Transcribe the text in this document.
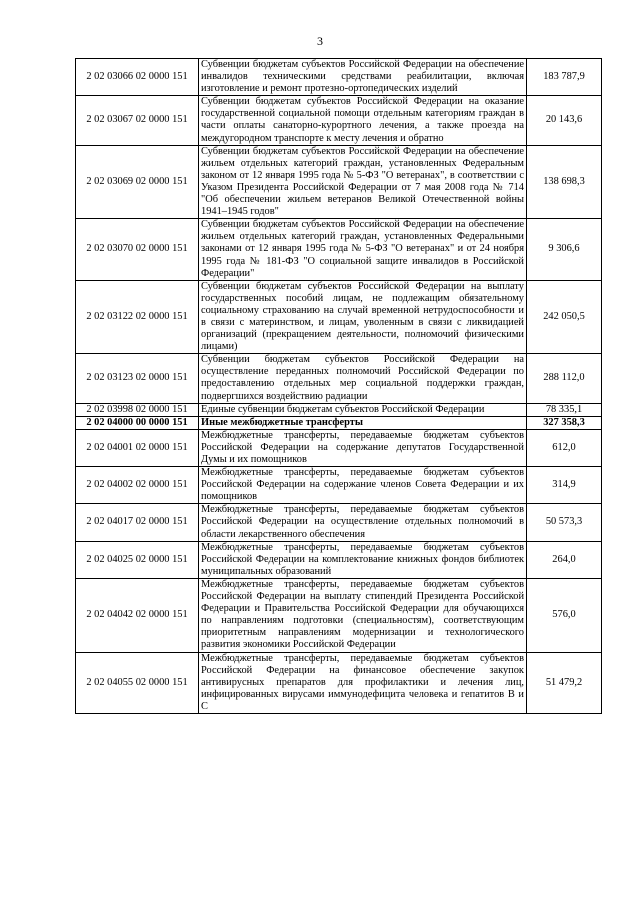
3
2 02 03066 02 0000 151	Субвенции бюджетам субъектов Российской Федерации на обеспечение инвалидов техническими средствами реабилитации, включая изготовление и ремонт протезно-ортопедических изделий	183 787,9
2 02 03067 02 0000 151	Субвенции бюджетам субъектов Российской Федерации на оказание государственной социальной помощи отдельным категориям граждан в части оплаты санаторно-курортного лечения, а также проезда на междугородном транспорте к месту лечения и обратно	20 143,6
2 02 03069 02 0000 151	Субвенции бюджетам субъектов Российской Федерации на обеспечение жильем отдельных категорий граждан, установленных Федеральным законом от 12 января 1995 года № 5-ФЗ "О ветеранах", в соответствии с Указом Президента Российской Федерации от 7 мая 2008 года № 714 "Об обеспечении жильем ветеранов Великой Отечественной войны 1941–1945 годов"	138 698,3
2 02 03070 02 0000 151	Субвенции бюджетам субъектов Российской Федерации на обеспечение жильем отдельных категорий граждан, установленных Федеральными законами от 12 января 1995 года № 5-ФЗ "О ветеранах" и от 24 ноября 1995 года № 181-ФЗ "О социальной защите инвалидов в Российской Федерации"	9 306,6
2 02 03122 02 0000 151	Субвенции бюджетам субъектов Российской Федерации на выплату государственных пособий лицам, не подлежащим обязательному социальному страхованию на случай временной нетрудоспособности и в связи с материнством, и лицам, уволенным в связи с ликвидацией организаций (прекращением деятельности, полномочий физическими лицами)	242 050,5
2 02 03123 02 0000 151	Субвенции бюджетам субъектов Российской Федерации на осуществление переданных полномочий Российской Федерации по предоставлению отдельных мер социальной поддержки граждан, подвергшихся воздействию радиации	288 112,0
2 02 03998 02 0000 151	Единые субвенции бюджетам субъектов Российской Федерации	78 335,1
2 02 04000 00 0000 151	Иные межбюджетные трансферты	327 358,3
2 02 04001 02 0000 151	Межбюджетные трансферты, передаваемые бюджетам субъектов Российской Федерации на содержание депутатов Государственной Думы и их помощников	612,0
2 02 04002 02 0000 151	Межбюджетные трансферты, передаваемые бюджетам субъектов Российской Федерации на содержание членов Совета Федерации и их помощников	314,9
2 02 04017 02 0000 151	Межбюджетные трансферты, передаваемые бюджетам субъектов Российской Федерации на осуществление отдельных полномочий в области лекарственного обеспечения	50 573,3
2 02 04025 02 0000 151	Межбюджетные трансферты, передаваемые бюджетам субъектов Российской Федерации на комплектование книжных фондов библиотек муниципальных образований	264,0
2 02 04042 02 0000 151	Межбюджетные трансферты, передаваемые бюджетам субъектов Российской Федерации на выплату стипендий Президента Российской Федерации и Правительства Российской Федерации для обучающихся по направлениям подготовки (специальностям), соответствующим приоритетным направлениям модернизации и технологического развития экономики Российской Федерации	576,0
2 02 04055 02 0000 151	Межбюджетные трансферты, передаваемые бюджетам субъектов Российской Федерации на финансовое обеспечение закупок антивирусных препаратов для профилактики и лечения лиц, инфицированных вирусами иммунодефицита человека и гепатитов В и С	51 479,2
